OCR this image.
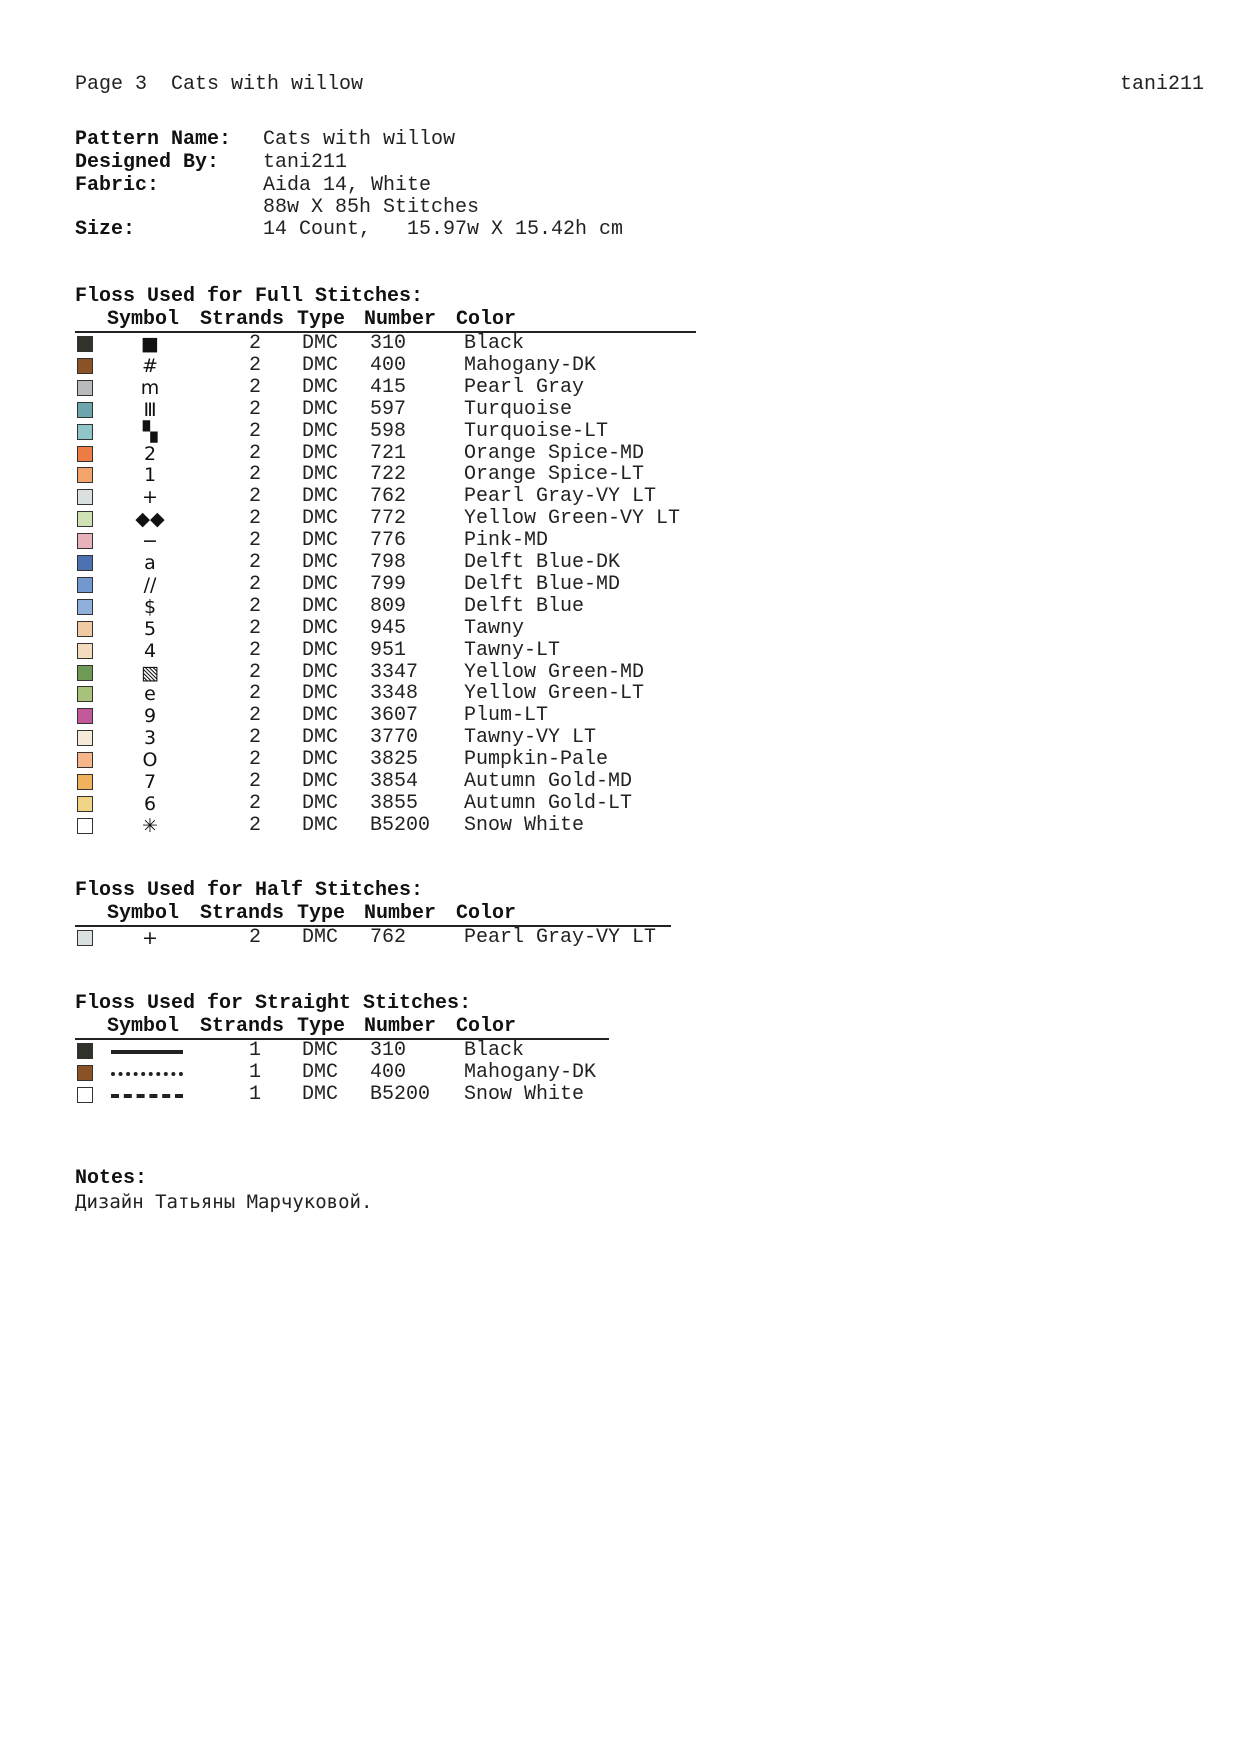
Page 3  Cats with willow	tani211
Pattern Name: Cats with willow
Designed By: tani211
Fabric:	Aida 14, White
88w X 85h Stitches
Size:	14 Count,   15.97w X 15.42h cm
Floss Used for Full Stitches:
Symbol Strands Type Number Color
■	2 DMC 310	Black
#	2 DMC 400	Mahogany-DK
m	2 DMC 415	Pearl Gray
Ⅲ	2 DMC 597	Turquoise
▚	2 DMC 598	Turquoise-LT
2	2 DMC 721	Orange Spice-MD
1	2 DMC 722	Orange Spice-LT
+	2 DMC 762	Pearl Gray-VY LT
◆◆	2 DMC 772	Yellow Green-VY LT
−	2 DMC 776	Pink-MD
a	2 DMC 798	Delft Blue-DK
//	2 DMC 799	Delft Blue-MD
$	2 DMC 809	Delft Blue
5	2 DMC 945	Tawny
4	2 DMC 951	Tawny-LT
▧	2 DMC 3347 Yellow Green-MD
e	2 DMC 3348 Yellow Green-LT
9	2 DMC 3607 Plum-LT
3	2 DMC 3770 Tawny-VY LT
O	2 DMC 3825 Pumpkin-Pale
7	2 DMC 3854 Autumn Gold-MD
6	2 DMC 3855 Autumn Gold-LT
✳	2 DMC B5200 Snow White
Floss Used for Half Stitches:
Symbol Strands Type Number Color
+	2 DMC 762	Pearl Gray-VY LT
Floss Used for Straight Stitches:
Symbol Strands Type Number Color
1 DMC 310	Black
1 DMC 400	Mahogany-DK
1 DMC B5200 Snow White
Notes:
Дизайн Татьяны Марчуковой.
